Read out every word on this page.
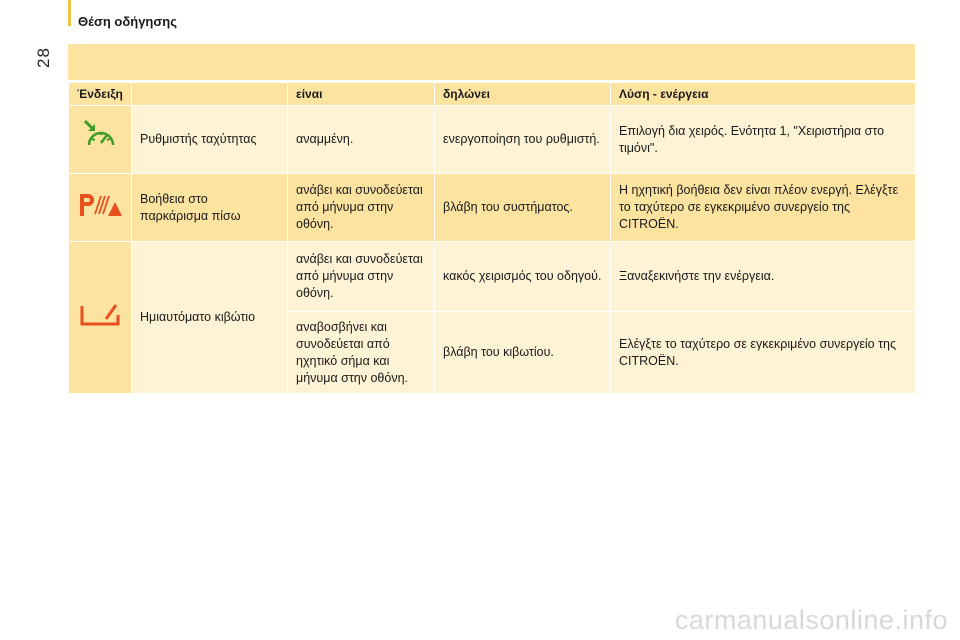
28
Θέση οδήγησης
Ένδειξη		είναι	δηλώνει	Λύση - ενέργεια
	Ρυθμιστής ταχύτητας	αναμμένη.	ενεργοποίηση του ρυθμιστή.	Επιλογή δια χειρός. Ενότητα 1, "Χειριστήρια στο τιμόνι".
	Βοήθεια στο παρκάρισμα πίσω	ανάβει και συνοδεύεται από μήνυμα στην οθόνη.	βλάβη του συστήματος.	Η ηχητική βοήθεια δεν είναι πλέον ενεργή. Ελέγξτε το ταχύτερο σε εγκεκριμένο συνεργείο της CITROËN.
	Ημιαυτόματο κιβώτιο	ανάβει και συνοδεύεται από μήνυμα στην οθόνη.	κακός χειρισμός του οδηγού.	Ξαναξεκινήστε την ενέργεια.
		αναβοσβήνει και συνοδεύεται από ηχητικό σήμα και μήνυμα στην οθόνη.	βλάβη του κιβωτίου.	Ελέγξτε το ταχύτερο σε εγκεκριμένο συνεργείο της CITROËN.
carmanualsonline.info
